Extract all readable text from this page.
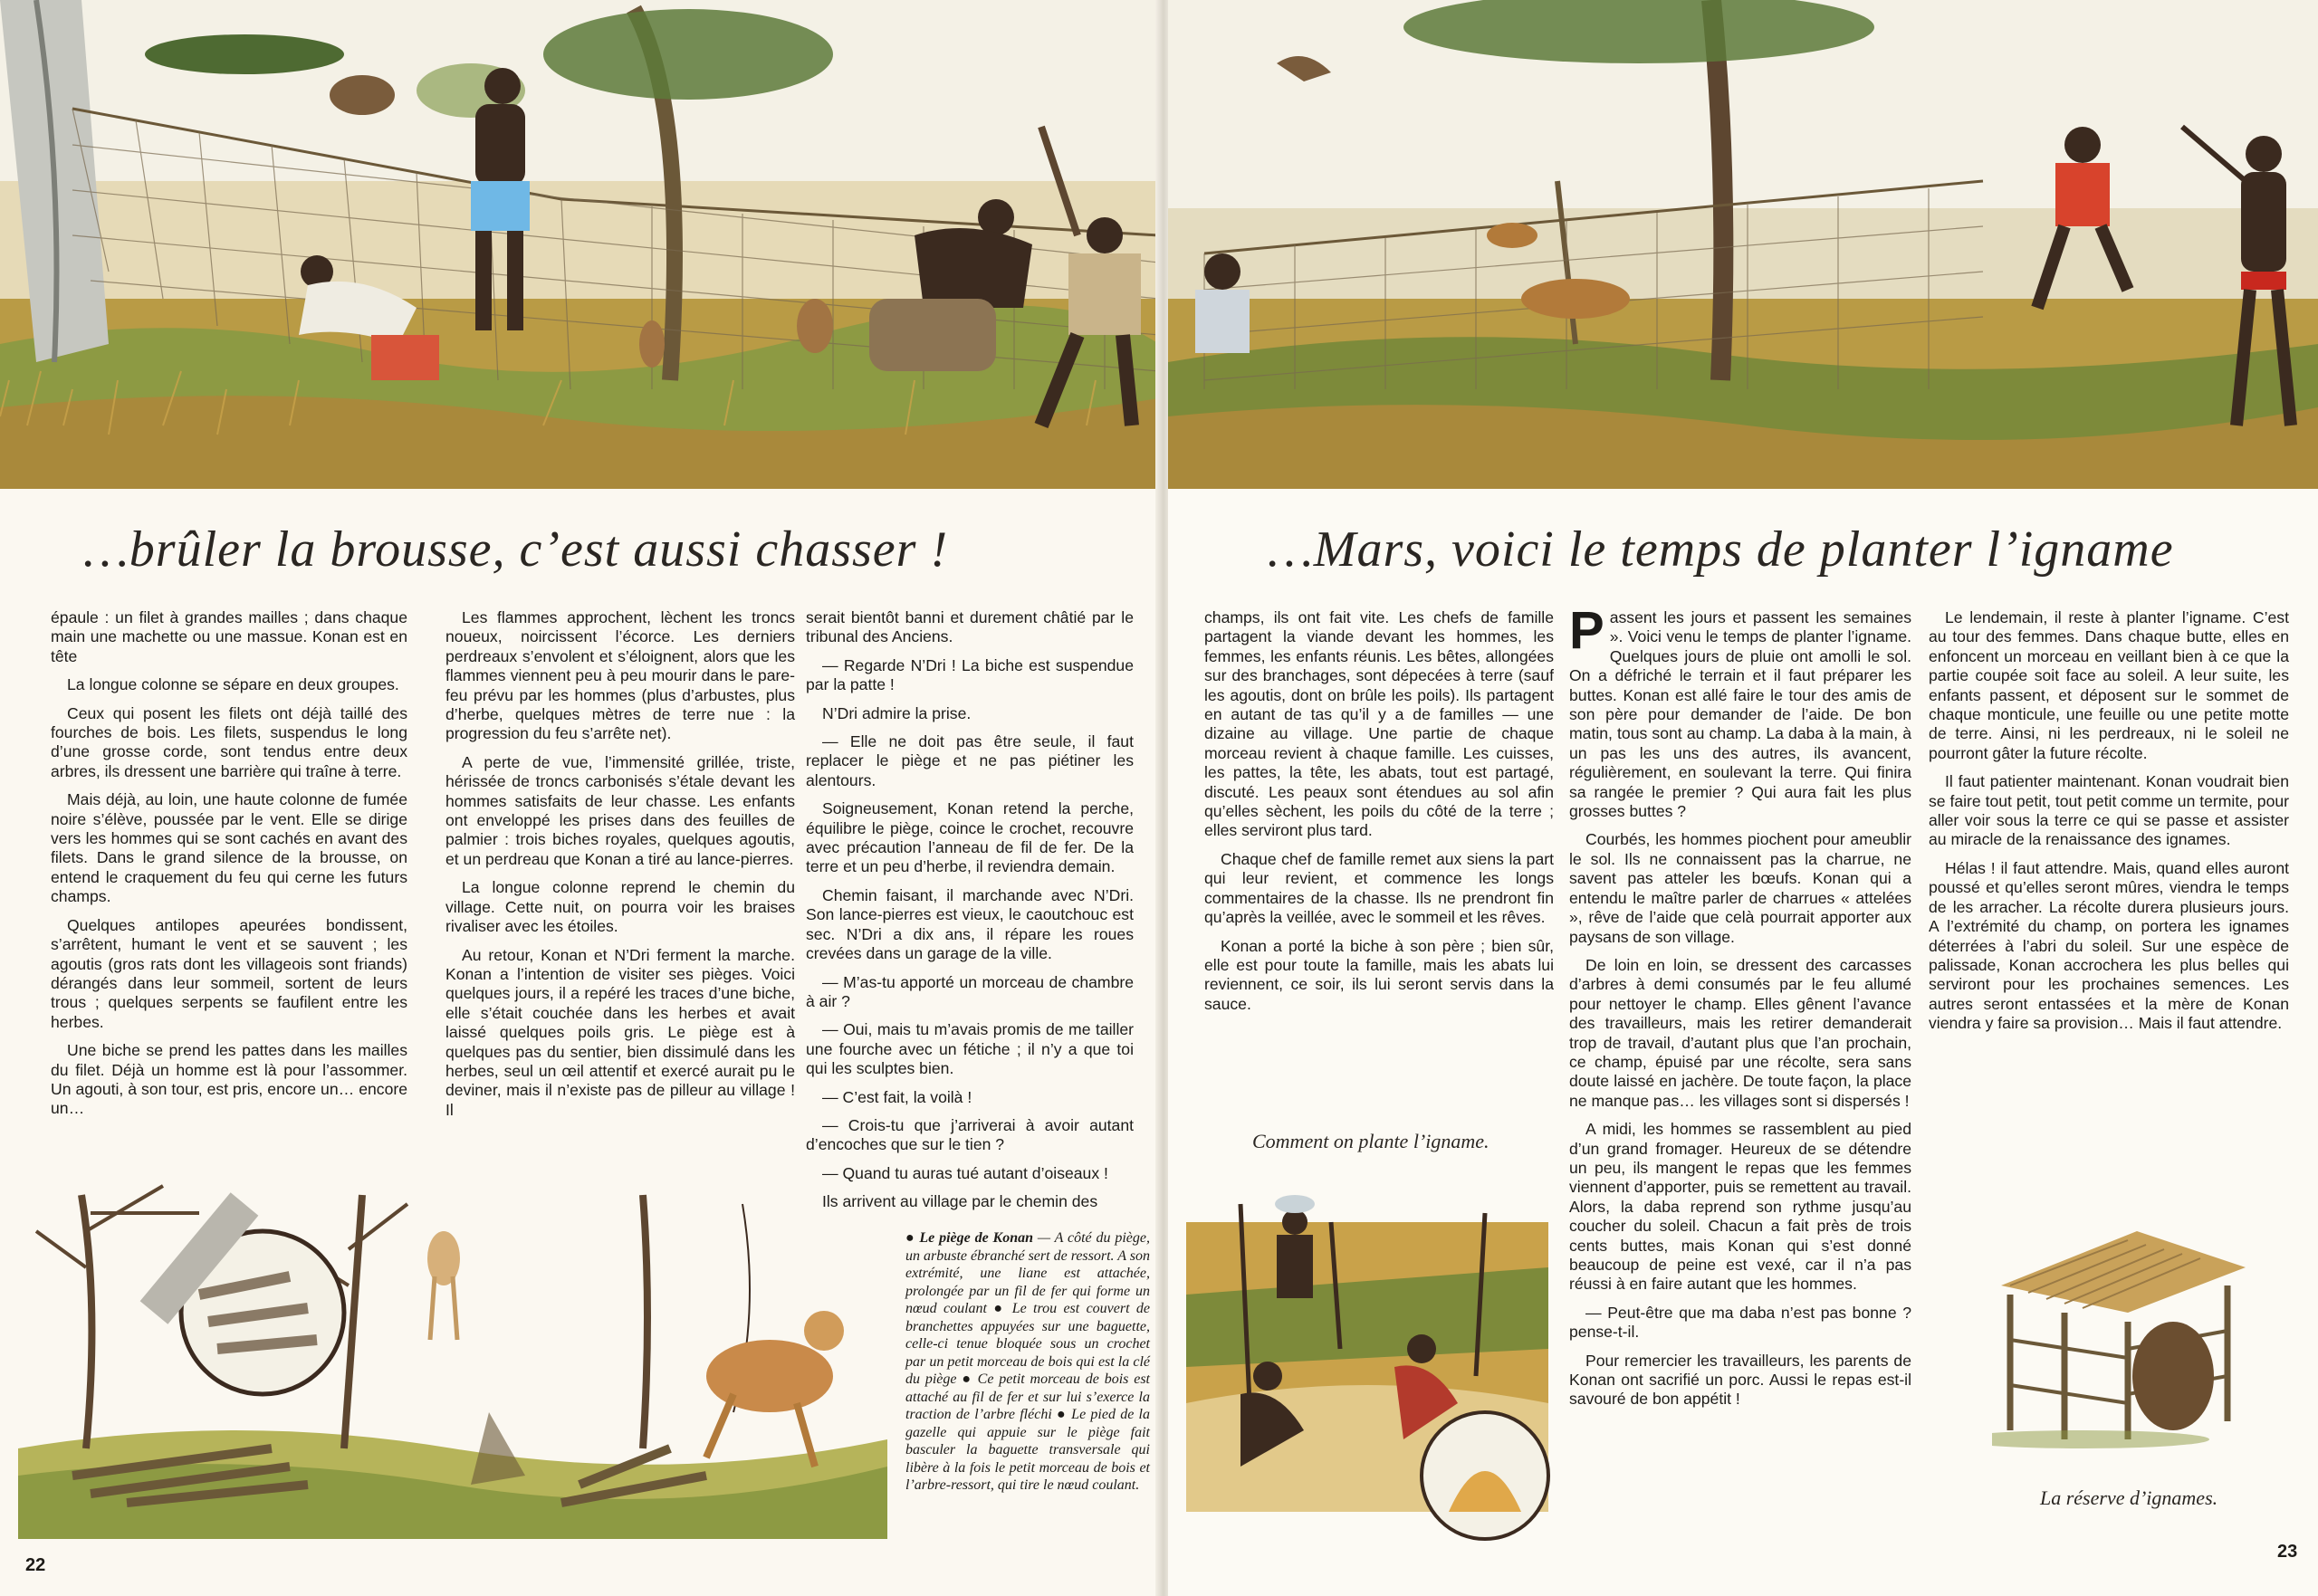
…brûler la brousse, c’est aussi chasser !

épaule : un filet à grandes mailles ; dans chaque main une machette ou une massue. Konan est en tête

La longue colonne se sépare en deux groupes.

Ceux qui posent les filets ont déjà taillé des fourches de bois. Les filets, suspendus le long d’une grosse corde, sont tendus entre deux arbres, ils dressent une barrière qui traîne à terre.

Mais déjà, au loin, une haute colonne de fumée noire s’élève, poussée par le vent. Elle se dirige vers les hommes qui se sont cachés en avant des filets. Dans le grand silence de la brousse, on entend le craquement du feu qui cerne les futurs champs.

Quelques antilopes apeurées bondissent, s’arrêtent, humant le vent et se sauvent ; les agoutis (gros rats dont les villageois sont friands) dérangés dans leur sommeil, sortent de leurs trous ; quelques serpents se faufilent entre les herbes.

Une biche se prend les pattes dans les mailles du filet. Déjà un homme est là pour l’assommer. Un agouti, à son tour, est pris, encore un… encore un…

Les flammes approchent, lèchent les troncs noueux, noircissent l’écorce. Les derniers perdreaux s’envolent et s’éloignent, alors que les flammes viennent peu à peu mourir dans le pare-feu prévu par les hommes (plus d’arbustes, plus d’herbe, quelques mètres de terre nue : la progression du feu s’arrête net).

A perte de vue, l’immensité grillée, triste, hérissée de troncs carbonisés s’étale devant les hommes satisfaits de leur chasse. Les enfants ont enveloppé les prises dans des feuilles de palmier : trois biches royales, quelques agoutis, et un perdreau que Konan a tiré au lance-pierres.

La longue colonne reprend le chemin du village. Cette nuit, on pourra voir les braises rivaliser avec les étoiles.

Au retour, Konan et N’Dri ferment la marche. Konan a l’intention de visiter ses pièges. Voici quelques jours, il a repéré les traces d’une biche, elle s’était couchée dans les herbes et avait laissé quelques poils gris. Le piège est à quelques pas du sentier, bien dissimulé dans les herbes, seul un œil attentif et exercé aurait pu le deviner, mais il n’existe pas de pilleur au village ! Il

serait bientôt banni et durement châtié par le tribunal des Anciens.

— Regarde N’Dri ! La biche est suspendue par la patte !

N’Dri admire la prise.

— Elle ne doit pas être seule, il faut replacer le piège et ne pas piétiner les alentours.

Soigneusement, Konan retend la perche, équilibre le piège, coince le crochet, recouvre avec précaution l’anneau de fil de fer. De la terre et un peu d’herbe, il reviendra demain.

Chemin faisant, il marchande avec N’Dri. Son lance-pierres est vieux, le caoutchouc est sec. N’Dri a dix ans, il répare les roues crevées dans un garage de la ville.

— M’as-tu apporté un morceau de chambre à air ?

— Oui, mais tu m’avais promis de me tailler une fourche avec un fétiche ; il n’y a que toi qui les sculptes bien.

— C’est fait, la voilà !

— Crois-tu que j’arriverai à avoir autant d’encoches que sur le tien ?

— Quand tu auras tué autant d’oiseaux !

Ils arrivent au village par le chemin des

● Le piège de Konan — A côté du piège, un arbuste ébranché sert de ressort. A son extrémité, une liane est attachée, prolongée par un fil de fer qui forme un nœud coulant ● Le trou est couvert de branchettes appuyées sur une baguette, celle-ci tenue bloquée sous un crochet par un petit morceau de bois qui est la clé du piège ● Ce petit morceau de bois est attaché au fil de fer et sur lui s’exerce la traction de l’arbre fléchi ● Le pied de la gazelle qui appuie sur le piège fait basculer la baguette transversale qui libère à la fois le petit morceau de bois et l’arbre-ressort, qui tire le nœud coulant.
22
…Mars, voici le temps de planter l’igname

champs, ils ont fait vite. Les chefs de famille partagent la viande devant les hommes, les femmes, les enfants réunis. Les bêtes, allongées sur des branchages, sont dépecées à terre (sauf les agoutis, dont on brûle les poils). Ils partagent en autant de tas qu’il y a de familles — une dizaine au village. Une partie de chaque morceau revient à chaque famille. Les cuisses, les pattes, la tête, les abats, tout est partagé, discuté. Les peaux sont étendues au sol afin qu’elles sèchent, les poils du côté de la terre ; elles serviront plus tard.

Chaque chef de famille remet aux siens la part qui leur revient, et commence les longs commentaires de la chasse. Ils ne prendront fin qu’après la veillée, avec le sommeil et les rêves.

Konan a porté la biche à son père ; bien sûr, elle est pour toute la famille, mais les abats lui reviennent, ce soir, ils lui seront servis dans la sauce.

Passent les jours et passent les semaines ». Voici venu le temps de planter l’igname. Quelques jours de pluie ont amolli le sol. On a défriché le terrain et il faut préparer les buttes. Konan est allé faire le tour des amis de son père pour demander de l’aide. De bon matin, tous sont au champ. La daba à la main, à un pas les uns des autres, ils avancent, régulièrement, en soulevant la terre. Qui finira sa rangée le premier ? Qui aura fait les plus grosses buttes ?

Courbés, les hommes piochent pour ameublir le sol. Ils ne connaissent pas la charrue, ne savent pas atteler les bœufs. Konan qui a entendu le maître parler de charrues « attelées », rêve de l’aide que celà pourrait apporter aux paysans de son village.

De loin en loin, se dressent des carcasses d’arbres à demi consumés par le feu allumé pour nettoyer le champ. Elles gênent l’avance des travailleurs, mais les retirer demanderait trop de travail, d’autant plus que l’an prochain, ce champ, épuisé par une récolte, sera sans doute laissé en jachère. De toute façon, la place ne manque pas… les villages sont si dispersés !

A midi, les hommes se rassemblent au pied d’un grand fromager. Heureux de se détendre un peu, ils mangent le repas que les femmes viennent d’apporter, puis se remettent au travail. Alors, la daba reprend son rythme jusqu’au coucher du soleil. Chacun a fait près de trois cents buttes, mais Konan qui s’est donné beaucoup de peine est vexé, car il n’a pas réussi à en faire autant que les hommes.

— Peut-être que ma daba n’est pas bonne ? pense-t-il.

Pour remercier les travailleurs, les parents de Konan ont sacrifié un porc. Aussi le repas est-il savouré de bon appétit !

Le lendemain, il reste à planter l’igname. C’est au tour des femmes. Dans chaque butte, elles en enfoncent un morceau en veillant bien à ce que la partie coupée soit face au soleil. A leur suite, les enfants passent, et déposent sur le sommet de chaque monticule, une feuille ou une petite motte de terre. Ainsi, ni les perdreaux, ni le soleil ne pourront gâter la future récolte.

Il faut patienter maintenant. Konan voudrait bien se faire tout petit, tout petit comme un termite, pour aller voir sous la terre ce qui se passe et assister au miracle de la renaissance des ignames.

Hélas ! il faut attendre. Mais, quand elles auront poussé et qu’elles seront mûres, viendra le temps de les arracher. La récolte durera plusieurs jours. A l’extrémité du champ, on portera les ignames déterrées à l’abri du soleil. Sur une espèce de palissade, Konan accrochera les plus belles qui serviront pour les prochaines semences. Les autres seront entassées et la mère de Konan viendra y faire sa provision… Mais il faut attendre.

Comment on plante l’igname.
La réserve d’ignames.
23
